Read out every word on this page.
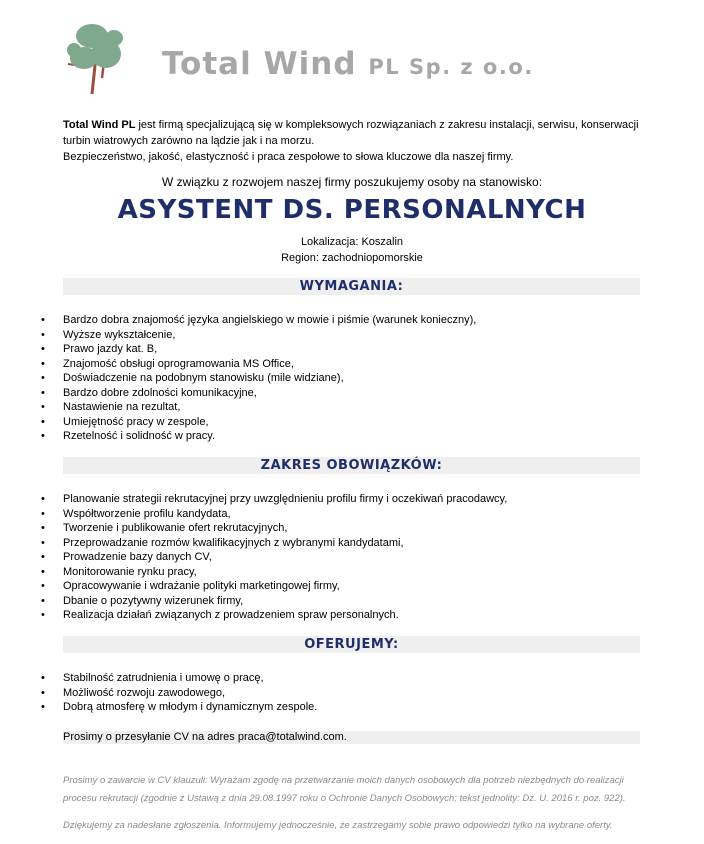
Total Wind PL Sp. z o.o.

Total Wind PL jest firmą specjalizującą się w kompleksowych rozwiązaniach z zakresu instalacji, serwisu, konserwacji turbin wiatrowych zarówno na lądzie jak i na morzu.

Bezpieczeństwo, jakość, elastyczność i praca zespołowe to słowa kluczowe dla naszej firmy.

W związku z rozwojem naszej firmy poszukujemy osoby na stanowisko:
ASYSTENT DS. PERSONALNYCH
Lokalizacja: Koszalin
Region: zachodniopomorskie
WYMAGANIA:
• Bardzo dobra znajomość języka angielskiego w mowie i piśmie (warunek konieczny),
• Wyższe wykształcenie,
• Prawo jazdy kat. B,
• Znajomość obsługi oprogramowania MS Office,
• Doświadczenie na podobnym stanowisku (mile widziane),
• Bardzo dobre zdolności komunikacyjne,
• Nastawienie na rezultat,
• Umiejętność pracy w zespole,
• Rzetelność i solidność w pracy.
ZAKRES OBOWIĄZKÓW:
• Planowanie strategii rekrutacyjnej przy uwzględnieniu profilu firmy i oczekiwań pracodawcy,
• Współtworzenie profilu kandydata,
• Tworzenie i publikowanie ofert rekrutacyjnych,
• Przeprowadzanie rozmów kwalifikacyjnych z wybranymi kandydatami,
• Prowadzenie bazy danych CV,
• Monitorowanie rynku pracy,
• Opracowywanie i wdrażanie polityki marketingowej firmy,
• Dbanie o pozytywny wizerunek firmy,
• Realizacja działań związanych z prowadzeniem spraw personalnych.
OFERUJEMY:
• Stabilność zatrudnienia i umowę o pracę,
• Możliwość rozwoju zawodowego,
• Dobrą atmosferę w młodym i dynamicznym zespole.
Prosimy o przesyłanie CV na adres praca@totalwind.com.
Prosimy o zawarcie w CV klauzuli: Wyrażam zgodę na przetwarzanie moich danych osobowych dla potrzeb niezbędnych do realizacji procesu rekrutacji (zgodnie z Ustawą z dnia 29.08.1997 roku o Ochronie Danych Osobowych; tekst jednolity: Dz. U. 2016 r. poz. 922).
Dziękujemy za nadesłane zgłoszenia. Informujemy jednocześnie, że zastrzegamy sobie prawo odpowiedzi tylko na wybrane oferty.
